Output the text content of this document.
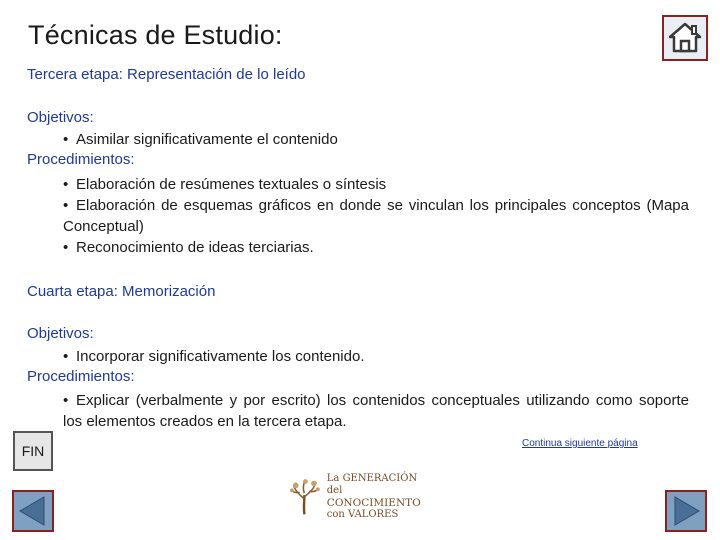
Técnicas de Estudio:
Tercera etapa: Representación de lo leído
Objetivos:
• Asimilar significativamente el contenido
Procedimientos:
• Elaboración de resúmenes textuales o síntesis
• Elaboración de esquemas gráficos en donde se vinculan los principales conceptos (Mapa Conceptual)
• Reconocimiento de ideas terciarias.
Cuarta etapa: Memorización
Objetivos:
• Incorporar significativamente los contenido.
Procedimientos:
• Explicar (verbalmente y por escrito) los contenidos conceptuales utilizando como soporte los elementos creados en la tercera etapa.
Continua siguiente página
FIN
La GENERACIÓN del
CONOCIMIENTO
con VALORES
